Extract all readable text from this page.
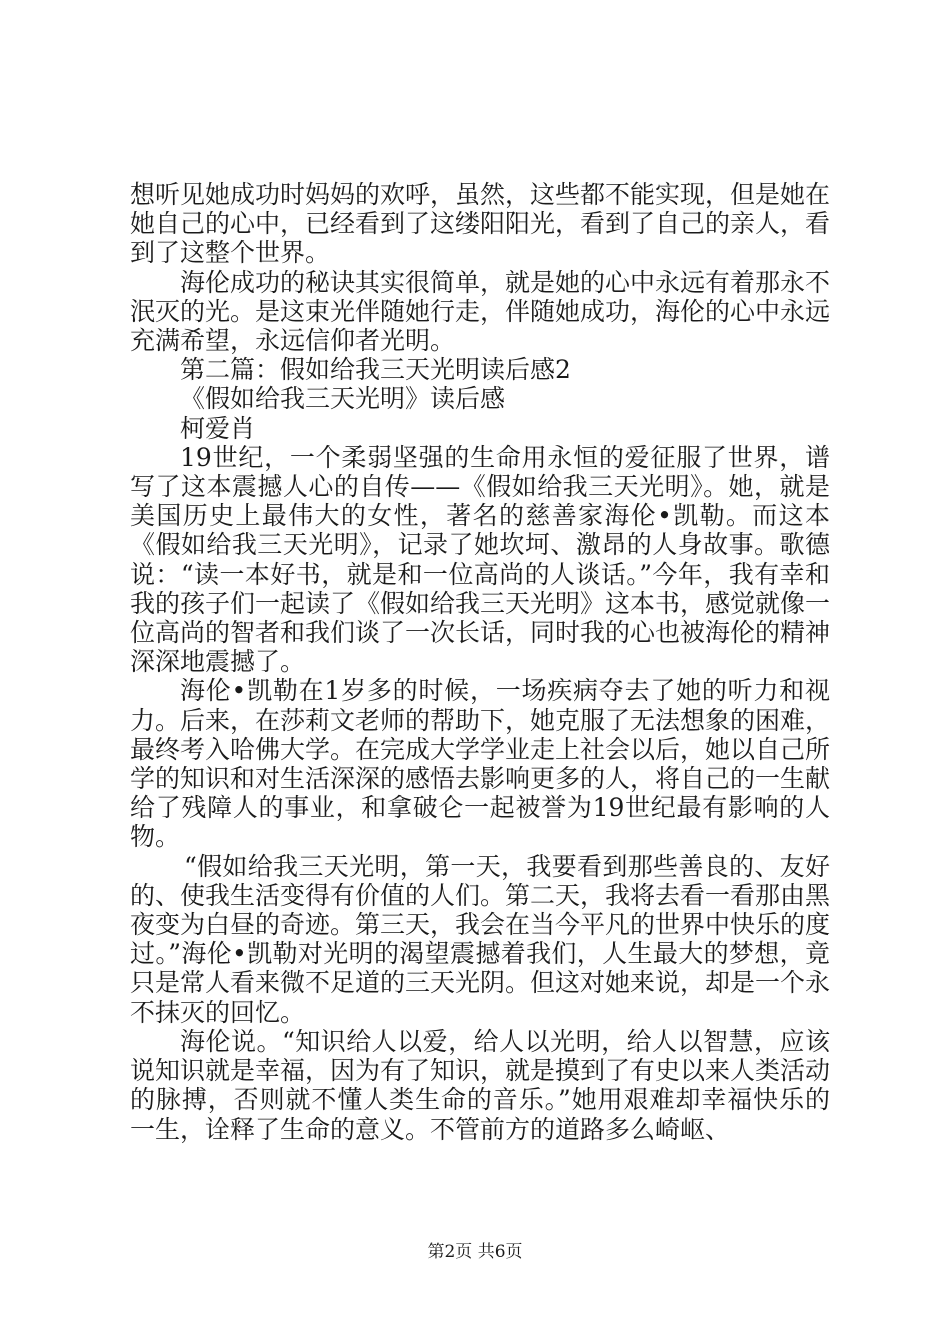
想听见她成功时妈妈的欢呼，虽然，这些都不能实现，但是她在她自己的心中，已经看到了这缕阳阳光，看到了自己的亲人，看到了这整个世界。

海伦成功的秘诀其实很简单，就是她的心中永远有着那永不泯灭的光。是这束光伴随她行走，伴随她成功，海伦的心中永远充满希望，永远信仰者光明。

第二篇：假如给我三天光明读后感2

《假如给我三天光明》读后感

柯爱肖

19世纪，一个柔弱坚强的生命用永恒的爱征服了世界，谱写了这本震撼人心的自传——《假如给我三天光明》。她，就是美国历史上最伟大的女性，著名的慈善家海伦•凯勒。而这本《假如给我三天光明》，记录了她坎坷、激昂的人身故事。歌德说：“读一本好书，就是和一位高尚的人谈话。”今年，我有幸和我的孩子们一起读了《假如给我三天光明》这本书，感觉就像一位高尚的智者和我们谈了一次长话，同时我的心也被海伦的精神深深地震撼了。

海伦•凯勒在1岁多的时候，一场疾病夺去了她的听力和视力。后来，在莎莉文老师的帮助下，她克服了无法想象的困难，最终考入哈佛大学。在完成大学学业走上社会以后，她以自己所学的知识和对生活深深的感悟去影响更多的人，将自己的一生献给了残障人的事业，和拿破仑一起被誉为19世纪最有影响的人物。

“假如给我三天光明，第一天，我要看到那些善良的、友好的、使我生活变得有价值的人们。第二天，我将去看一看那由黑夜变为白昼的奇迹。第三天，我会在当今平凡的世界中快乐的度过。”海伦•凯勒对光明的渴望震撼着我们，人生最大的梦想，竟只是常人看来微不足道的三天光阴。但这对她来说，却是一个永不抹灭的回忆。

海伦说。“知识给人以爱，给人以光明，给人以智慧，应该说知识就是幸福，因为有了知识，就是摸到了有史以来人类活动的脉搏，否则就不懂人类生命的音乐。”她用艰难却幸福快乐的一生，诠释了生命的意义。不管前方的道路多么崎岖、

第2页 共6页
